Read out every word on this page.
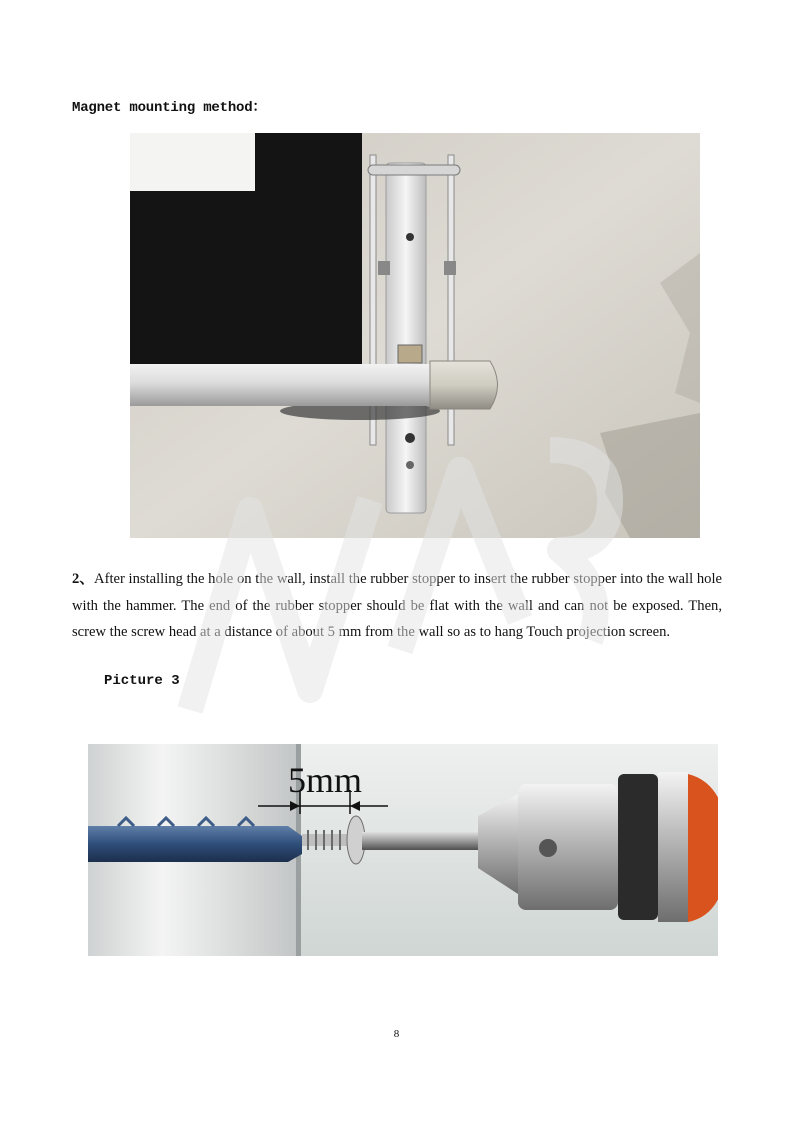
Magnet mounting method：

2、After installing the hole on the wall, install the rubber stopper to insert the rubber stopper into the wall hole with the hammer. The end of the rubber stopper should be flat with the wall and can not be exposed. Then, screw the screw head at a distance of about 5 mm from the wall so as to hang Touch projection screen.

Picture 3
5mm
8
